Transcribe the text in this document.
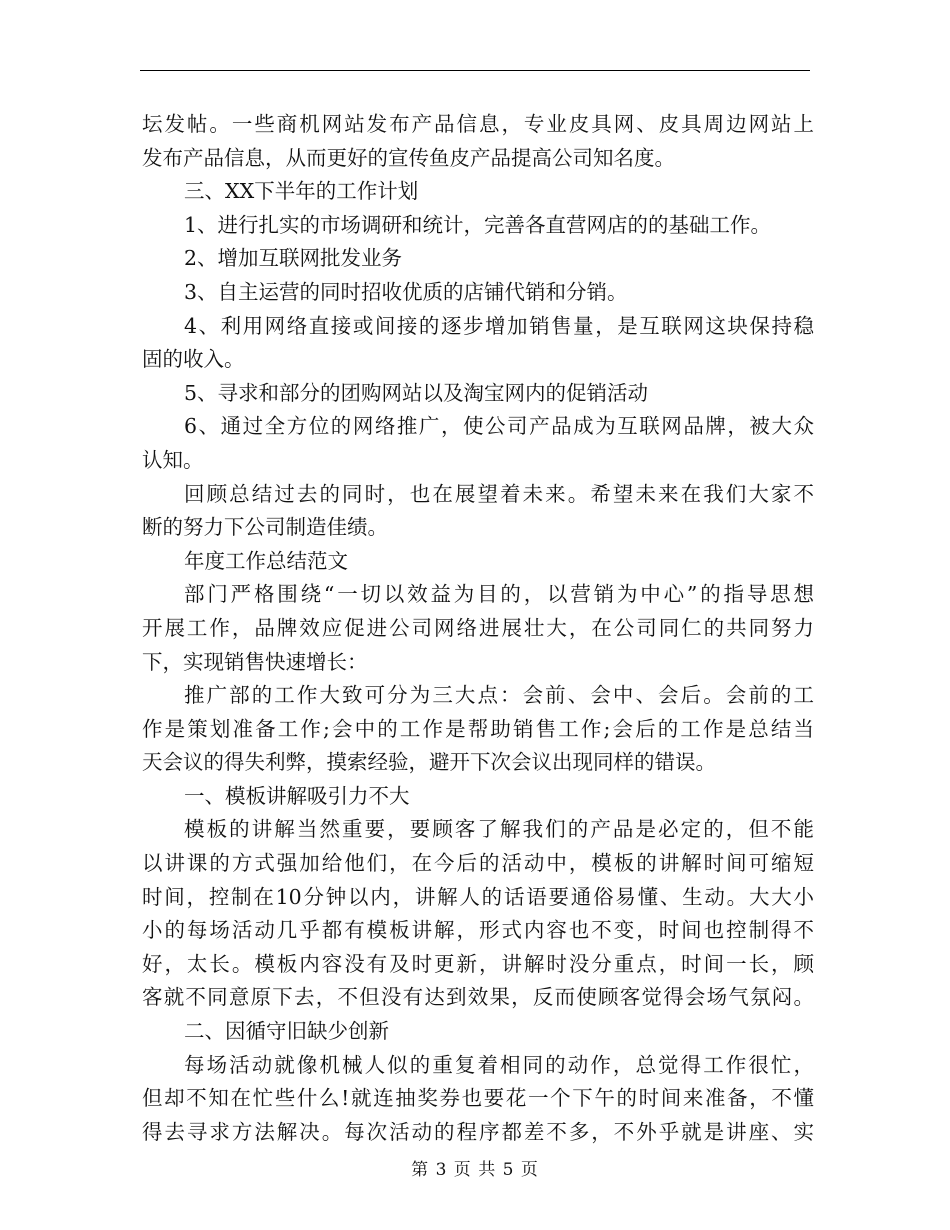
坛发帖。一些商机网站发布产品信息，专业皮具网、皮具周边网站上
发布产品信息，从而更好的宣传鱼皮产品提高公司知名度。
三、XX下半年的工作计划
1、进行扎实的市场调研和统计，完善各直营网店的的基础工作。
2、增加互联网批发业务
3、自主运营的同时招收优质的店铺代销和分销。
4、利用网络直接或间接的逐步增加销售量，是互联网这块保持稳
固的收入。
5、寻求和部分的团购网站以及淘宝网内的促销活动
6、通过全方位的网络推广，使公司产品成为互联网品牌，被大众
认知。
回顾总结过去的同时，也在展望着未来。希望未来在我们大家不
断的努力下公司制造佳绩。
年度工作总结范文
部门严格围绕“一切以效益为目的，以营销为中心”的指导思想
开展工作，品牌效应促进公司网络进展壮大，在公司同仁的共同努力
下，实现销售快速增长：
推广部的工作大致可分为三大点：会前、会中、会后。会前的工
作是策划准备工作;会中的工作是帮助销售工作;会后的工作是总结当
天会议的得失利弊，摸索经验，避开下次会议出现同样的错误。
一、模板讲解吸引力不大
模板的讲解当然重要，要顾客了解我们的产品是必定的，但不能
以讲课的方式强加给他们，在今后的活动中，模板的讲解时间可缩短
时间，控制在10分钟以内，讲解人的话语要通俗易懂、生动。大大小
小的每场活动几乎都有模板讲解，形式内容也不变，时间也控制得不
好，太长。模板内容没有及时更新，讲解时没分重点，时间一长，顾
客就不同意原下去，不但没有达到效果，反而使顾客觉得会场气氛闷。
二、因循守旧缺少创新
每场活动就像机械人似的重复着相同的动作，总觉得工作很忙，
但却不知在忙些什么!就连抽奖券也要花一个下午的时间来准备，不懂
得去寻求方法解决。每次活动的程序都差不多，不外乎就是讲座、实
第 3 页 共 5 页
